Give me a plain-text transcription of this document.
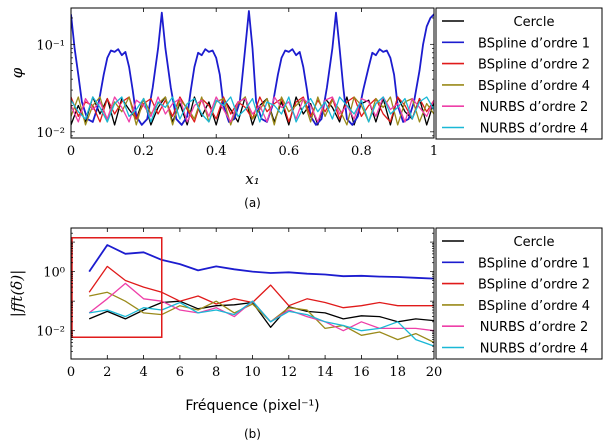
0	0.2	0.4	0.6	0.8	1
10⁻²
10⁻¹
x₁
φ
(a)
Cercle
BSpline d’ordre 1
BSpline d’ordre 2
BSpline d’ordre 4
NURBS d’ordre 2
NURBS d’ordre 4
0 2 4 6 8 10 12 14 16 18 20
10⁻²
10⁰
Fréquence (pixel⁻¹)
|fft(δ)|
(b)
Cercle
BSpline d’ordre 1
BSpline d’ordre 2
BSpline d’ordre 4
NURBS d’ordre 2
NURBS d’ordre 4
